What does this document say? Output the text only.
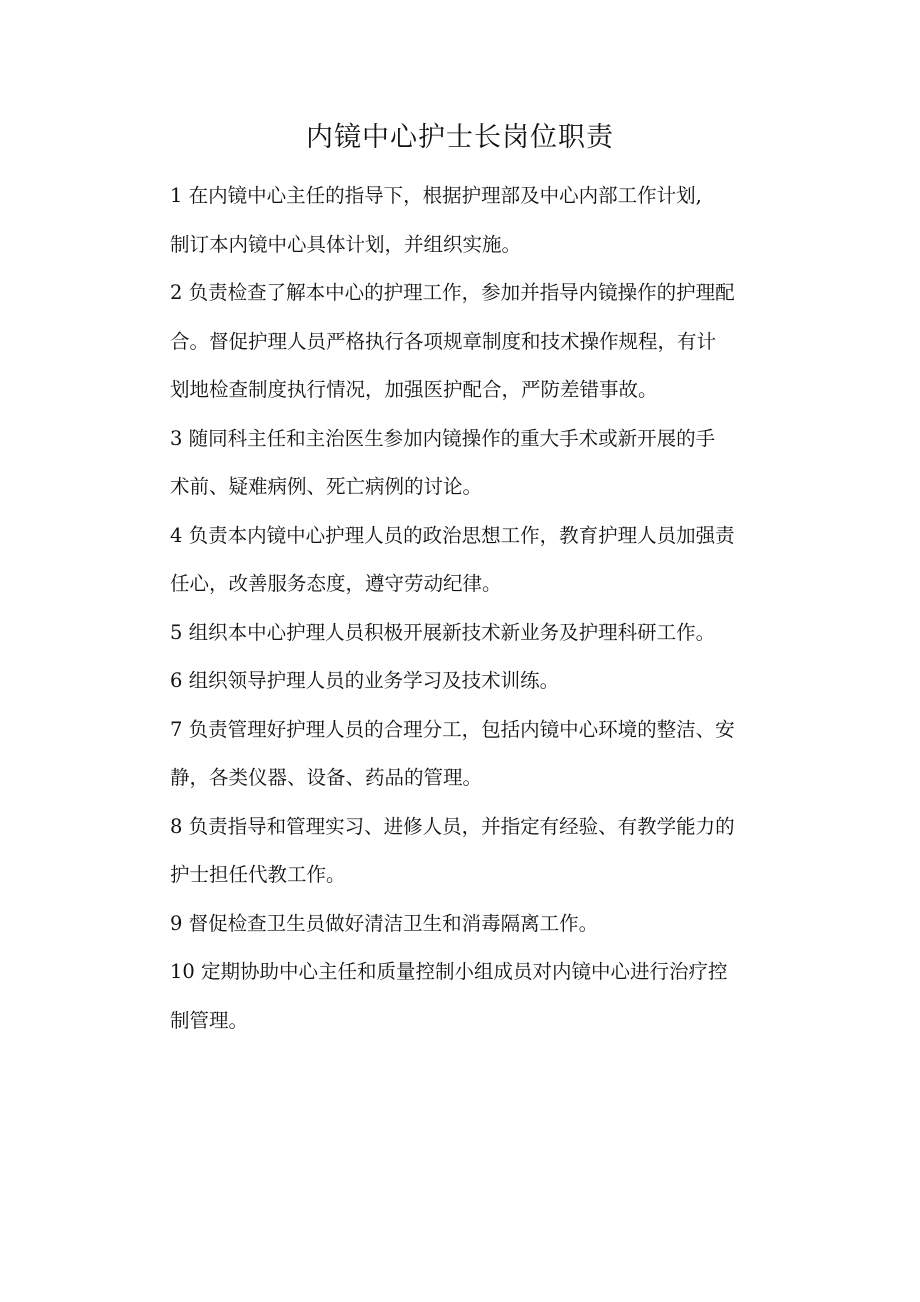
内镜中心护士长岗位职责

1 在内镜中心主任的指导下，根据护理部及中心内部工作计划,
制订本内镜中心具体计划，并组织实施。

2 负责检查了解本中心的护理工作，参加并指导内镜操作的护理配
合。督促护理人员严格执行各项规章制度和技术操作规程，有计
划地检查制度执行情况，加强医护配合，严防差错事故。

3 随同科主任和主治医生参加内镜操作的重大手术或新开展的手
术前、疑难病例、死亡病例的讨论。

4 负责本内镜中心护理人员的政治思想工作，教育护理人员加强责
任心，改善服务态度，遵守劳动纪律。

5 组织本中心护理人员积极开展新技术新业务及护理科研工作。

6 组织领导护理人员的业务学习及技术训练。

7 负责管理好护理人员的合理分工，包括内镜中心环境的整洁、安
静，各类仪器、设备、药品的管理。

8 负责指导和管理实习、进修人员，并指定有经验、有教学能力的
护士担任代教工作。

9 督促检查卫生员做好清洁卫生和消毒隔离工作。

10 定期协助中心主任和质量控制小组成员对内镜中心进行治疗控
制管理。
